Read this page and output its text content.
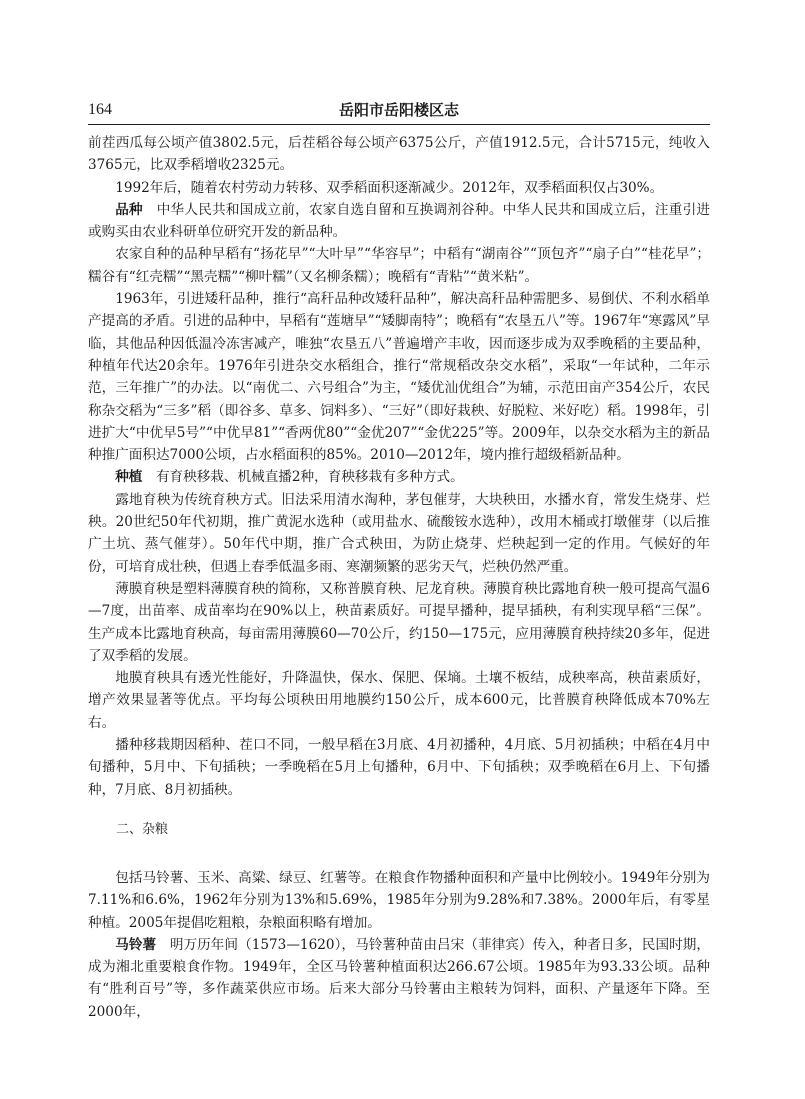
164	岳阳市岳阳楼区志

前茬西瓜每公顷产值3802.5元，后茬稻谷每公顷产6375公斤，产值1912.5元，合计5715元，纯收入3765元，比双季稻增收2325元。

1992年后，随着农村劳动力转移、双季稻面积逐渐减少。2012年，双季稻面积仅占30%。

品种　 中华人民共和国成立前，农家自选自留和互换调剂谷种。中华人民共和国成立后，注重引进或购买由农业科研单位研究开发的新品种。

农家自种的品种早稻有“扬花早”“大叶早”“华容早”；中稻有“湖南谷”“顶包齐”“扇子白”“桂花早”；糯谷有“红壳糯”“黑壳糯”“柳叶糯”（又名柳条糯）；晚稻有“青粘”“黄米粘”。

1963年，引进矮秆品种，推行“高秆品种改矮秆品种”，解决高秆品种需肥多、易倒伏、不利水稻单产提高的矛盾。引进的品种中，早稻有“莲塘早”“矮脚南特”；晚稻有“农垦五八”等。1967年“寒露风”早临，其他品种因低温冷冻害减产，唯独“农垦五八”普遍增产丰收，因而逐步成为双季晚稻的主要品种，种植年代达20余年。1976年引进杂交水稻组合，推行“常规稻改杂交水稻”，采取“一年试种，二年示范，三年推广”的办法。以“南优二、六号组合”为主，“矮优汕优组合”为辅，示范田亩产354公斤，农民称杂交稻为“三多”稻（即谷多、草多、饲料多）、“三好”（即好栽秧、好脱粒、米好吃）稻。1998年，引进扩大“中优早5号”“中优早81”“香两优80”“金优207”“金优225”等。2009年，以杂交水稻为主的新品种推广面积达7000公顷，占水稻面积的85%。2010—2012年，境内推行超级稻新品种。

种植　 有育秧移栽、机械直播2种，育秧移栽有多种方式。

露地育秧为传统育秧方式。旧法采用清水淘种，茅包催芽，大块秧田，水播水育，常发生烧芽、烂秧。20世纪50年代初期，推广黄泥水选种（或用盐水、硫酸铵水选种），改用木桶或打墩催芽（以后推广土坑、蒸气催芽）。50年代中期，推广合式秧田，为防止烧芽、烂秧起到一定的作用。气候好的年份，可培育成壮秧，但遇上春季低温多雨、寒潮频繁的恶劣天气，烂秧仍然严重。

薄膜育秧是塑料薄膜育秧的简称，又称普膜育秧、尼龙育秧。薄膜育秧比露地育秧一般可提高气温6—7度，出苗率、成苗率均在90%以上，秧苗素质好。可提早播种，提早插秧，有利实现早稻“三保”。生产成本比露地育秧高，每亩需用薄膜60—70公斤，约150—175元，应用薄膜育秧持续20多年，促进了双季稻的发展。

地膜育秧具有透光性能好，升降温快，保水、保肥、保墒。土壤不板结，成秧率高，秧苗素质好，增产效果显著等优点。平均每公顷秧田用地膜约150公斤，成本600元，比普膜育秧降低成本70%左右。

播种移栽期因稻种、茬口不同，一般早稻在3月底、4月初播种，4月底、5月初插秧；中稻在4月中旬播种，5月中、下旬插秧；一季晚稻在5月上旬播种，6月中、下旬插秧；双季晚稻在6月上、下旬播种，7月底、8月初插秧。

二、杂粮

包括马铃薯、玉米、高粱、绿豆、红薯等。在粮食作物播种面积和产量中比例较小。1949年分别为7.11%和6.6%，1962年分别为13%和5.69%，1985年分别为9.28%和7.38%。2000年后，有零星种植。2005年提倡吃粗粮，杂粮面积略有增加。

马铃薯　 明万历年间（1573—1620），马铃薯种苗由吕宋（菲律宾）传入，种者日多，民国时期，成为湘北重要粮食作物。1949年，全区马铃薯种植面积达266.67公顷。1985年为93.33公顷。品种有“胜利百号”等，多作蔬菜供应市场。后来大部分马铃薯由主粮转为饲料，面积、产量逐年下降。至2000年，
